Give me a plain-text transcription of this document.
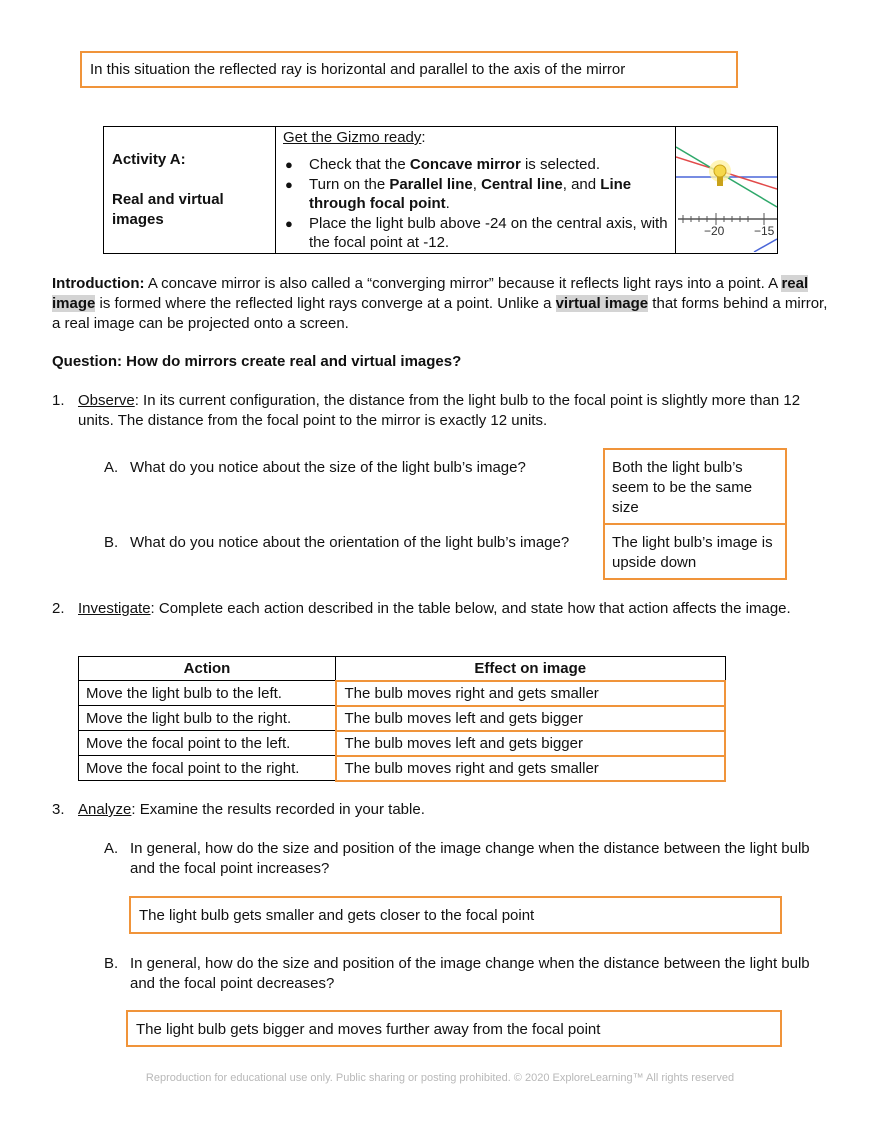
In this situation the reflected ray is horizontal and parallel to the axis of the mirror
Activity A:
Real and virtual images

Get the Gizmo ready:
● Check that the Concave mirror is selected.
● Turn on the Parallel line, Central line, and Line through focal point.
● Place the light bulb above -24 on the central axis, with the focal point at -12.

−20 −15
Introduction: A concave mirror is also called a “converging mirror” because it reflects light rays into a point. A real image is formed where the reflected light rays converge at a point. Unlike a virtual image that forms behind a mirror, a real image can be projected onto a screen.
Question: How do mirrors create real and virtual images?
1. Observe: In its current configuration, the distance from the light bulb to the focal point is slightly more than 12 units. The distance from the focal point to the mirror is exactly 12 units.
A. What do you notice about the size of the light bulb’s image?	Both the light bulb’s seem to be the same size
B. What do you notice about the orientation of the light bulb’s image?	The light bulb’s image is upside down
2. Investigate: Complete each action described in the table below, and state how that action affects the image.
Action	Effect on image
Move the light bulb to the left.	The bulb moves right and gets smaller
Move the light bulb to the right.	The bulb moves left and gets bigger
Move the focal point to the left.	The bulb moves left and gets bigger
Move the focal point to the right.	The bulb moves right and gets smaller
3. Analyze: Examine the results recorded in your table.
A. In general, how do the size and position of the image change when the distance between the light bulb and the focal point increases?
The light bulb gets smaller and gets closer to the focal point
B. In general, how do the size and position of the image change when the distance between the light bulb and the focal point decreases?
The light bulb gets bigger and moves further away from the focal point
Reproduction for educational use only. Public sharing or posting prohibited. © 2020 ExploreLearning™ All rights reserved
